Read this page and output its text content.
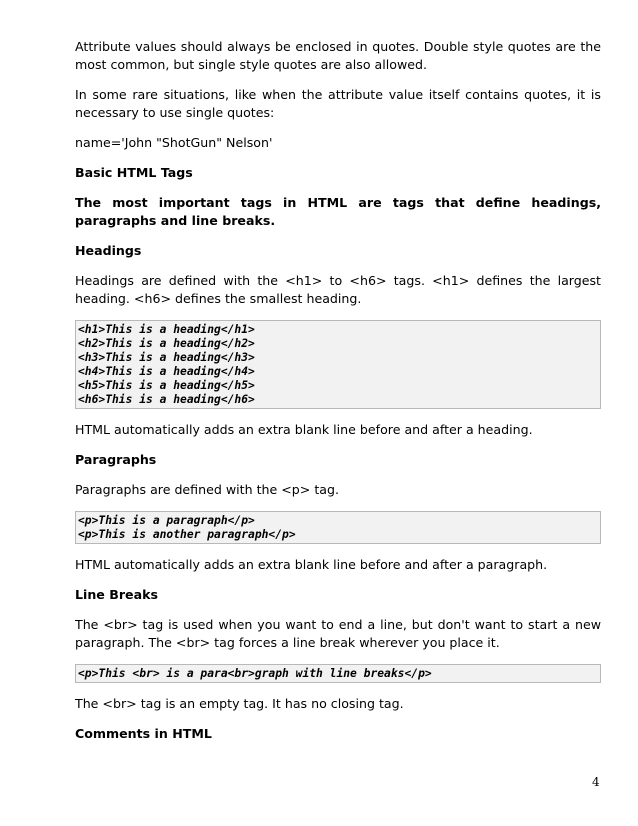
Attribute values should always be enclosed in quotes. Double style quotes are the most common, but single style quotes are also allowed.

In some rare situations, like when the attribute value itself contains quotes, it is necessary to use single quotes:

name='John "ShotGun" Nelson'

Basic HTML Tags

The most important tags in HTML are tags that define headings, paragraphs and line breaks.

Headings

Headings are defined with the <h1> to <h6> tags. <h1> defines the largest heading. <h6> defines the smallest heading.

<h1>This is a heading</h1>
<h2>This is a heading</h2>
<h3>This is a heading</h3>
<h4>This is a heading</h4>
<h5>This is a heading</h5>
<h6>This is a heading</h6>

HTML automatically adds an extra blank line before and after a heading.

Paragraphs

Paragraphs are defined with the <p> tag.

<p>This is a paragraph</p>
<p>This is another paragraph</p>

HTML automatically adds an extra blank line before and after a paragraph.

Line Breaks

The <br> tag is used when you want to end a line, but don't want to start a new paragraph. The <br> tag forces a line break wherever you place it.

<p>This <br> is a para<br>graph with line breaks</p>

The <br> tag is an empty tag. It has no closing tag.

Comments in HTML

4
